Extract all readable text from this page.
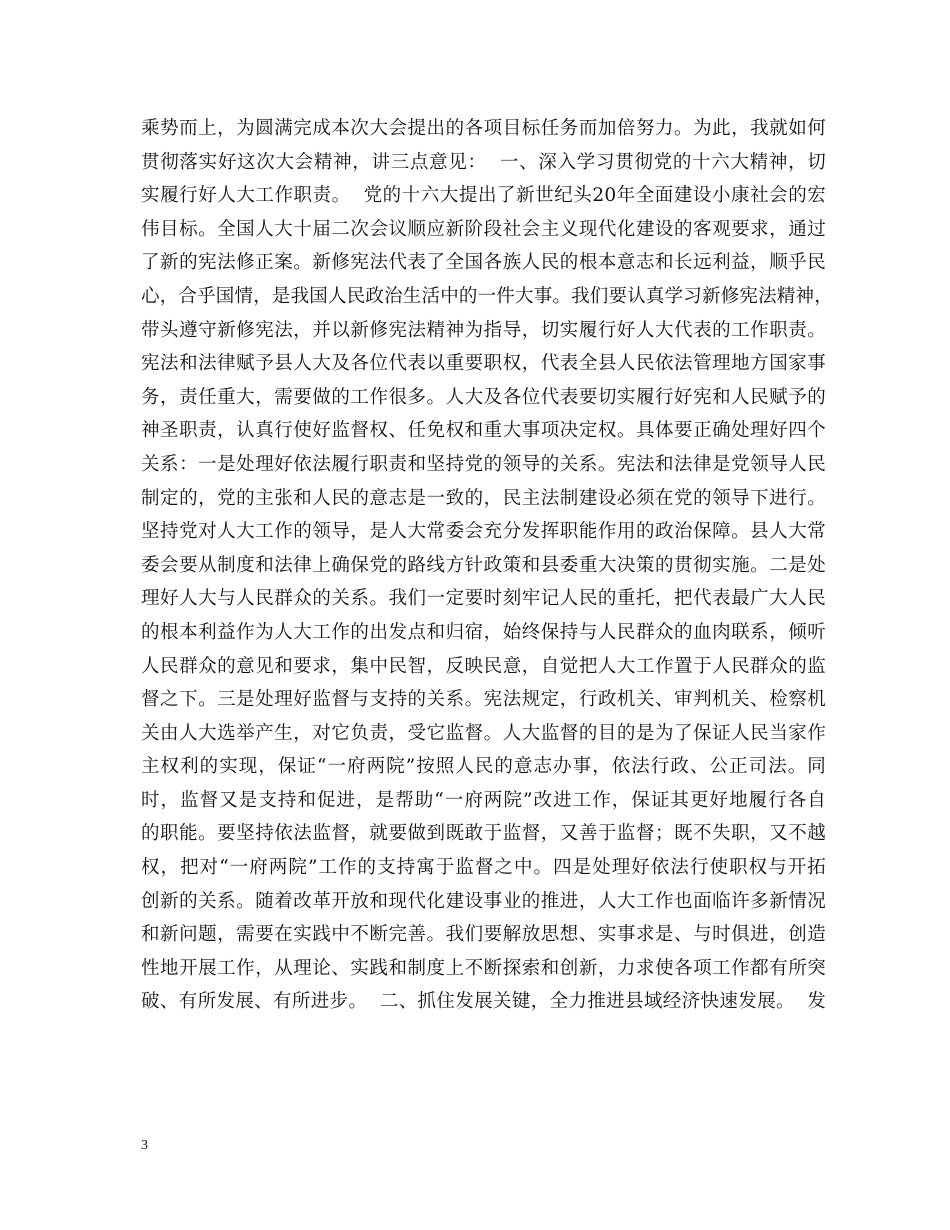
乘势而上，为圆满完成本次大会提出的各项目标任务而加倍努力。为此，我就如何
贯彻落实好这次大会精神，讲三点意见：  一、深入学习贯彻党的十六大精神，切
实履行好人大工作职责。  党的十六大提出了新世纪头20年全面建设小康社会的宏
伟目标。全国人大十届二次会议顺应新阶段社会主义现代化建设的客观要求，通过
了新的宪法修正案。新修宪法代表了全国各族人民的根本意志和长远利益，顺乎民
心，合乎国情，是我国人民政治生活中的一件大事。我们要认真学习新修宪法精神，
带头遵守新修宪法，并以新修宪法精神为指导，切实履行好人大代表的工作职责。
宪法和法律赋予县人大及各位代表以重要职权，代表全县人民依法管理地方国家事
务，责任重大，需要做的工作很多。人大及各位代表要切实履行好宪和人民赋予的
神圣职责，认真行使好监督权、任免权和重大事项决定权。具体要正确处理好四个
关系：一是处理好依法履行职责和坚持党的领导的关系。宪法和法律是党领导人民
制定的，党的主张和人民的意志是一致的，民主法制建设必须在党的领导下进行。
坚持党对人大工作的领导，是人大常委会充分发挥职能作用的政治保障。县人大常
委会要从制度和法律上确保党的路线方针政策和县委重大决策的贯彻实施。二是处
理好人大与人民群众的关系。我们一定要时刻牢记人民的重托，把代表最广大人民
的根本利益作为人大工作的出发点和归宿，始终保持与人民群众的血肉联系，倾听
人民群众的意见和要求，集中民智，反映民意，自觉把人大工作置于人民群众的监
督之下。三是处理好监督与支持的关系。宪法规定，行政机关、审判机关、检察机
关由人大选举产生，对它负责，受它监督。人大监督的目的是为了保证人民当家作
主权利的实现，保证“一府两院”按照人民的意志办事，依法行政、公正司法。同
时，监督又是支持和促进，是帮助“一府两院”改进工作，保证其更好地履行各自
的职能。要坚持依法监督，就要做到既敢于监督，又善于监督；既不失职，又不越
权，把对“一府两院”工作的支持寓于监督之中。四是处理好依法行使职权与开拓
创新的关系。随着改革开放和现代化建设事业的推进，人大工作也面临许多新情况
和新问题，需要在实践中不断完善。我们要解放思想、实事求是、与时俱进，创造
性地开展工作，从理论、实践和制度上不断探索和创新，力求使各项工作都有所突
破、有所发展、有所进步。  二、抓住发展关键，全力推进县域经济快速发展。  发
3
